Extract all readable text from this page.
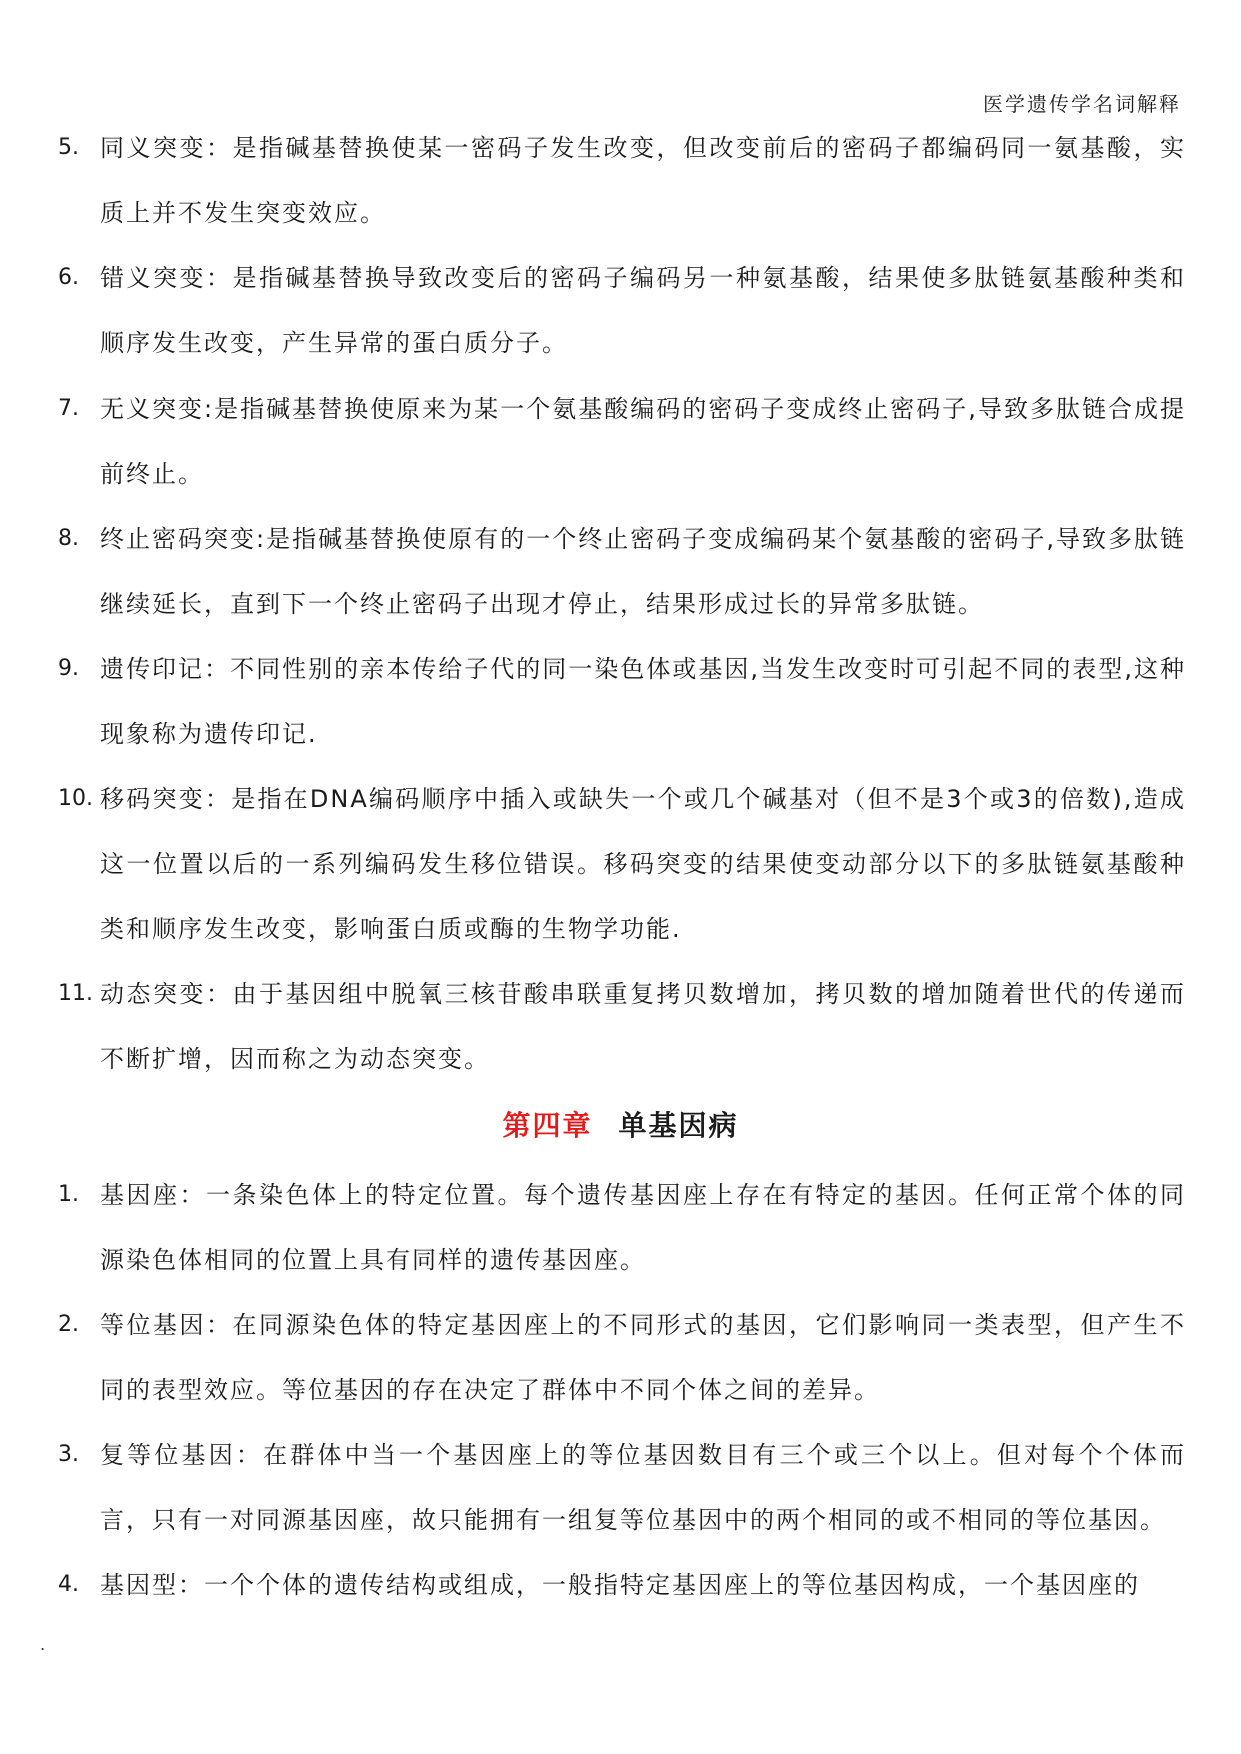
医学遗传学名词解释
5. 同义突变：是指碱基替换使某一密码子发生改变，但改变前后的密码子都编码同一氨基酸，实质上并不发生突变效应。
6. 错义突变：是指碱基替换导致改变后的密码子编码另一种氨基酸，结果使多肽链氨基酸种类和顺序发生改变，产生异常的蛋白质分子。
7. 无义突变:是指碱基替换使原来为某一个氨基酸编码的密码子变成终止密码子,导致多肽链合成提前终止。
8. 终止密码突变:是指碱基替换使原有的一个终止密码子变成编码某个氨基酸的密码子,导致多肽链继续延长，直到下一个终止密码子出现才停止，结果形成过长的异常多肽链。
9. 遗传印记：不同性别的亲本传给子代的同一染色体或基因,当发生改变时可引起不同的表型,这种现象称为遗传印记.
10. 移码突变：是指在DNA编码顺序中插入或缺失一个或几个碱基对（但不是3个或3的倍数),造成这一位置以后的一系列编码发生移位错误。移码突变的结果使变动部分以下的多肽链氨基酸种类和顺序发生改变，影响蛋白质或酶的生物学功能.
11. 动态突变：由于基因组中脱氧三核苷酸串联重复拷贝数增加，拷贝数的增加随着世代的传递而不断扩增，因而称之为动态突变。
第四章 单基因病
1. 基因座：一条染色体上的特定位置。每个遗传基因座上存在有特定的基因。任何正常个体的同源染色体相同的位置上具有同样的遗传基因座。
2. 等位基因：在同源染色体的特定基因座上的不同形式的基因，它们影响同一类表型，但产生不同的表型效应。等位基因的存在决定了群体中不同个体之间的差异。
3. 复等位基因：在群体中当一个基因座上的等位基因数目有三个或三个以上。但对每个个体而言，只有一对同源基因座，故只能拥有一组复等位基因中的两个相同的或不相同的等位基因。
4. 基因型：一个个体的遗传结构或组成，一般指特定基因座上的等位基因构成，一个基因座的
.
